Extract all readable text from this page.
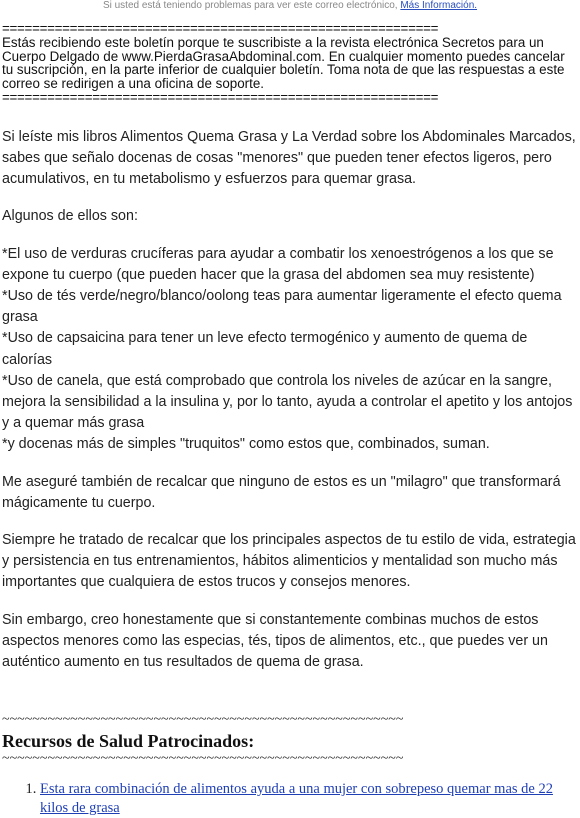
Si usted está teniendo problemas para ver este correo electrónico, Más Información.
==========================================================
Estás recibiendo este boletín porque te suscribiste a la revista electrónica Secretos para un Cuerpo Delgado de www.PierdaGrasaAbdominal.com. En cualquier momento puedes cancelar tu suscripción, en la parte inferior de cualquier boletín. Toma nota de que las respuestas a este correo se redirigen a una oficina de soporte.
==========================================================

Si leíste mis libros Alimentos Quema Grasa y La Verdad sobre los Abdominales Marcados, sabes que señalo docenas de cosas "menores" que pueden tener efectos ligeros, pero acumulativos, en tu metabolismo y esfuerzos para quemar grasa.

Algunos de ellos son:

*El uso de verduras crucíferas para ayudar a combatir los xenoestrógenos a los que se expone tu cuerpo (que pueden hacer que la grasa del abdomen sea muy resistente)

*Uso de tés verde/negro/blanco/oolong teas para aumentar ligeramente el efecto quema grasa

*Uso de capsaicina para tener un leve efecto termogénico y aumento de quema de calorías

*Uso de canela, que está comprobado que controla los niveles de azúcar en la sangre, mejora la sensibilidad a la insulina y, por lo tanto, ayuda a controlar el apetito y los antojos y a quemar más grasa

*y docenas más de simples "truquitos" como estos que, combinados, suman.

Me aseguré también de recalcar que ninguno de estos es un "milagro" que transformará mágicamente tu cuerpo.

Siempre he tratado de recalcar que los principales aspectos de tu estilo de vida, estrategia y persistencia en tus entrenamientos, hábitos alimenticios y mentalidad son mucho más importantes que cualquiera de estos trucos y consejos menores.

Sin embargo, creo honestamente que si constantemente combinas muchos de estos aspectos menores como las especias, tés, tipos de alimentos, etc., que puedes ver un auténtico aumento en tus resultados de quema de grasa.

~~~~~~~~~~~~~~~~~~~~~~~~~~~~~~~~~~~~~~~~~~~~~~~~~~~~~
Recursos de Salud Patrocinados:
~~~~~~~~~~~~~~~~~~~~~~~~~~~~~~~~~~~~~~~~~~~~~~~~~~~~~
1. Esta rara combinación de alimentos ayuda a una mujer con sobrepeso quemar mas de 22 kilos de grasa
